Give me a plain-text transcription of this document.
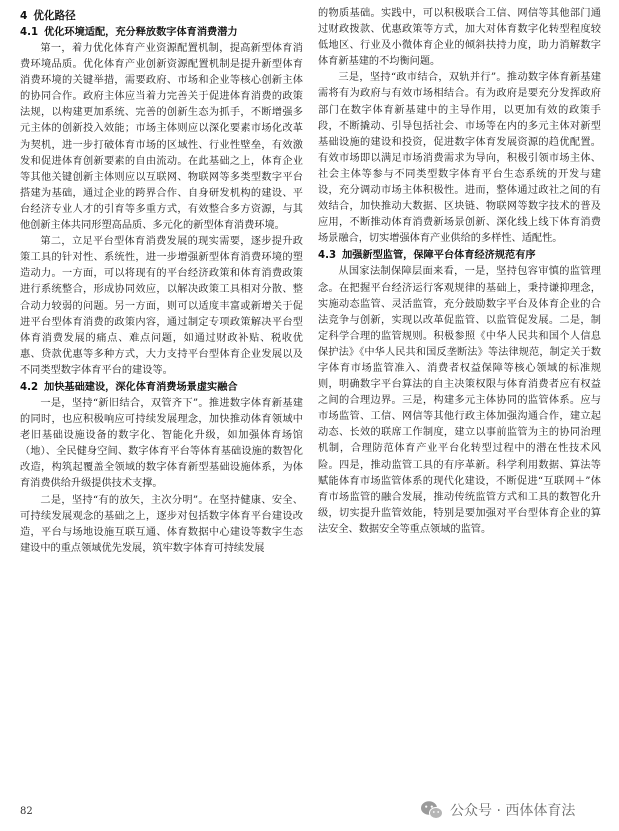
4 优化路径
4.1 优化环境适配，充分释放数字体育消费潜力

第一，着力优化体育产业资源配置机制，提高新型体育消费环境品质。优化体育产业创新资源配置机制是提升新型体育消费环境的关键举措，需要政府、市场和企业等核心创新主体的协同合作。政府主体应当着力完善关于促进体育消费的政策法规，以构建更加系统、完善的创新生态为抓手，不断增强多元主体的创新投入效能；市场主体则应以深化要素市场化改革为契机，进一步打破体育市场的区域性、行业性壁垒，有效激发和促进体育创新要素的自由流动。在此基础之上，体育企业等其他关键创新主体则应以互联网、物联网等多类型数字平台搭建为基础，通过企业的跨界合作、自身研发机构的建设、平台经济专业人才的引育等多重方式，有效整合多方资源，与其他创新主体共同形塑高品质、多元化的新型体育消费环境。

第二，立足平台型体育消费发展的现实需要，逐步提升政策工具的针对性、系统性，进一步增强新型体育消费环境的塑造动力。一方面，可以将现有的平台经济政策和体育消费政策进行系统整合，形成协同效应，以解决政策工具相对分散、整合动力较弱的问题。另一方面，则可以适度丰富或新增关于促进平台型体育消费的政策内容，通过制定专项政策解决平台型体育消费发展的痛点、难点问题，如通过财政补贴、税收优惠、贷款优惠等多种方式，大力支持平台型体育企业发展以及不同类型数字体育平台的建设等。

4.2 加快基础建设，深化体育消费场景虚实融合

一是，坚持“新旧结合，双管齐下”。推进数字体育新基建的同时，也应积极响应可持续发展理念，加快推动体育领域中老旧基础设施设备的数字化、智能化升级，如加强体育场馆（地）、全民健身空间、数字体育平台等体育基础设施的数智化改造，构筑起覆盖全领域的数字体育新型基础设施体系，为体育消费供给升级提供技术支撑。

二是，坚持“有的放矢，主次分明”。在坚持健康、安全、可持续发展观念的基础之上，逐步对包括数字体育平台建设改造，平台与场地设施互联互通、体育数据中心建设等数字生态建设中的重点领域优先发展，筑牢数字体育可持续发展

的物质基础。实践中，可以积极联合工信、网信等其他部门通过财政拨款、优惠政策等方式，加大对体育数字化转型程度较低地区、行业及小微体育企业的倾斜扶持力度，助力消解数字体育新基建的不均衡问题。

三是，坚持“政市结合，双轨并行”。推动数字体育新基建需将有为政府与有效市场相结合。有为政府是要充分发挥政府部门在数字体育新基建中的主导作用，以更加有效的政策手段，不断撬动、引导包括社会、市场等在内的多元主体对新型基础设施的建设和投资，促进数字体育发展资源的趋优配置。有效市场即以满足市场消费需求为导向，积极引领市场主体、社会主体等参与不同类型数字体育平台生态系统的开发与建设，充分调动市场主体积极性。进而，整体通过政社之间的有效结合，加快推动大数据、区块链、物联网等数字技术的普及应用，不断推动体育消费新场景创新、深化线上线下体育消费场景融合，切实增强体育产业供给的多样性、适配性。

4.3 加强新型监管，保障平台体育经济规范有序

从国家法制保障层面来看，一是，坚持包容审慎的监管理念。在把握平台经济运行客观规律的基础上，秉持谦抑理念，实施动态监管、灵活监管，充分鼓励数字平台及体育企业的合法竞争与创新，实现以改革促监管、以监管促发展。二是，制定科学合理的监管规则。积极参照《中华人民共和国个人信息保护法》《中华人民共和国反垄断法》等法律规范，制定关于数字体育市场监管准入、消费者权益保障等核心领域的标准规则，明确数字平台算法的自主决策权限与体育消费者应有权益之间的合理边界。三是，构建多元主体协同的监管体系。应与市场监管、工信、网信等其他行政主体加强沟通合作，建立起动态、长效的联席工作制度，建立以事前监管为主的协同治理机制，合理防范体育产业平台化转型过程中的潜在性技术风险。四是，推动监管工具的有序革新。科学利用数据、算法等赋能体育市场监管体系的现代化建设，不断促进“互联网＋”体育市场监管的融合发展，推动传统监管方式和工具的数智化升级，切实提升监管效能，特别是要加强对平台型体育企业的算法安全、数据安全等重点领域的监管。

82	公众号 · 西体体育法
